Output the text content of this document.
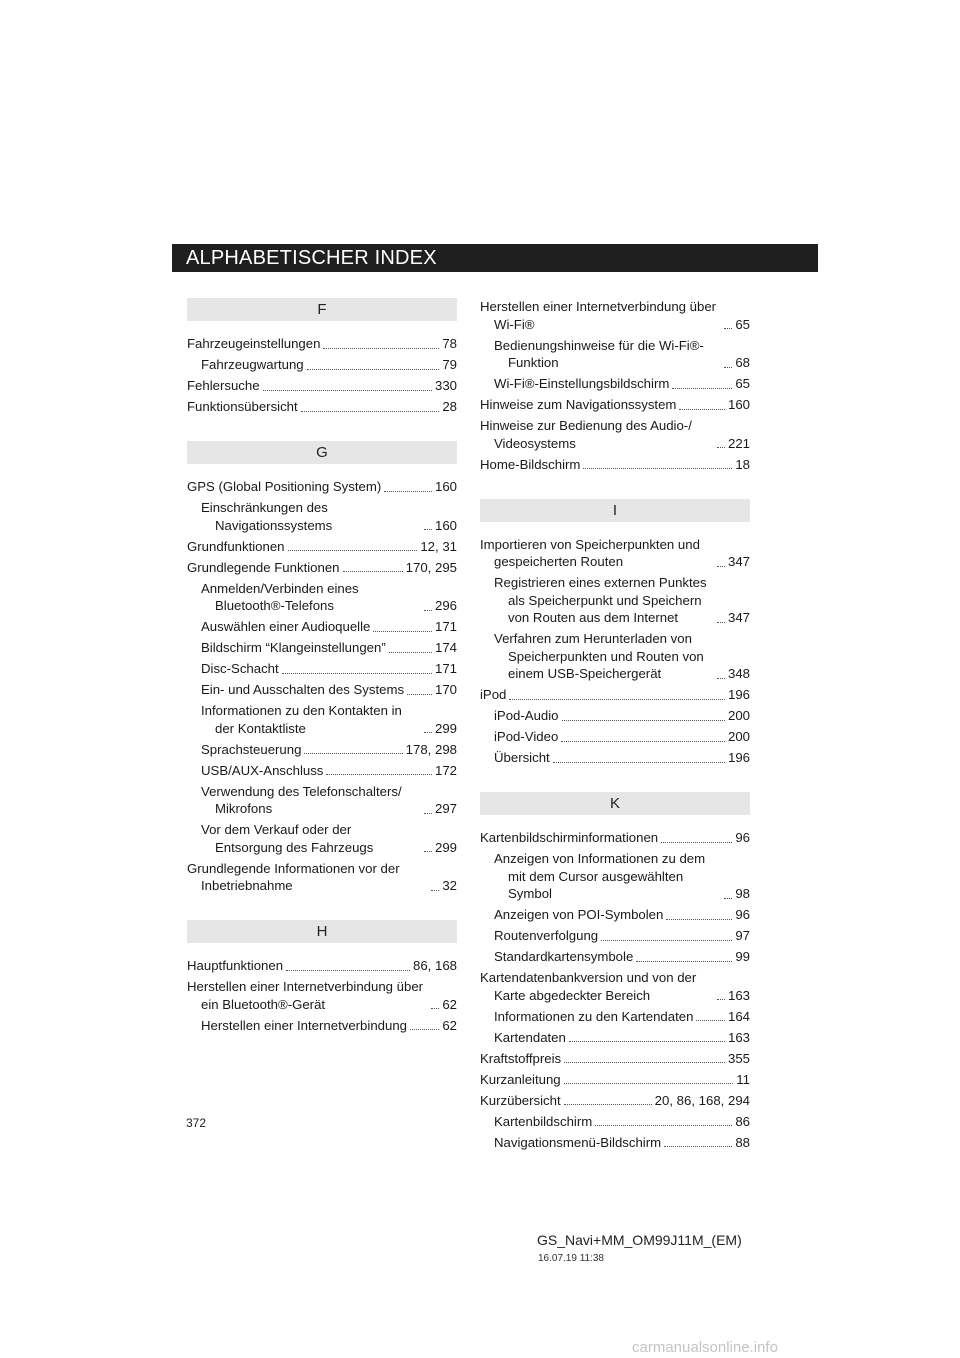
ALPHABETISCHER INDEX
F
Fahrzeugeinstellungen	78
Fahrzeugwartung	79
Fehlersuche	330
Funktionsübersicht	28
G
GPS (Global Positioning System)	160
Einschränkungen des Navigationssystems	160
Grundfunktionen	12, 31
Grundlegende Funktionen	170, 295
Anmelden/Verbinden eines Bluetooth®-Telefons	296
Auswählen einer Audioquelle	171
Bildschirm “Klangeinstellungen”	174
Disc-Schacht	171
Ein- und Ausschalten des Systems 170
Informationen zu den Kontakten in der Kontaktliste	299
Sprachsteuerung	178, 298
USB/AUX-Anschluss	172
Verwendung des Telefonschalters/ Mikrofons	297
Vor dem Verkauf oder der Entsorgung des Fahrzeugs	299
Grundlegende Informationen vor der Inbetriebnahme	32
H
Hauptfunktionen	86, 168
Herstellen einer Internetverbindung über ein Bluetooth®-Gerät	62
Herstellen einer Internetverbindung	62
Herstellen einer Internetverbindung über Wi-Fi®	65
Bedienungshinweise für die Wi-Fi®-Funktion	68
Wi-Fi®-Einstellungsbildschirm	65
Hinweise zum Navigationssystem	160
Hinweise zur Bedienung des Audio-/ Videosystems	221
Home-Bildschirm	18
I
Importieren von Speicherpunkten und gespeicherten Routen	347
Registrieren eines externen Punktes als Speicherpunkt und Speichern von Routen aus dem Internet	347
Verfahren zum Herunterladen von Speicherpunkten und Routen von einem USB-Speichergerät	348
iPod	196
iPod-Audio	200
iPod-Video	200
Übersicht	196
K
Kartenbildschirminformationen	96
Anzeigen von Informationen zu dem mit dem Cursor ausgewählten Symbol	98
Anzeigen von POI-Symbolen	96
Routenverfolgung	97
Standardkartensymbole	99
Kartendatenbankversion und von der Karte abgedeckter Bereich	163
Informationen zu den Kartendaten	164
Kartendaten	163
Kraftstoffpreis	355
Kurzanleitung	11
Kurzübersicht	20, 86, 168, 294
Kartenbildschirm	86
Navigationsmenü-Bildschirm	88
372
GS_Navi+MM_OM99J11M_(EM)
16.07.19 11:38
carmanualsonline.info
